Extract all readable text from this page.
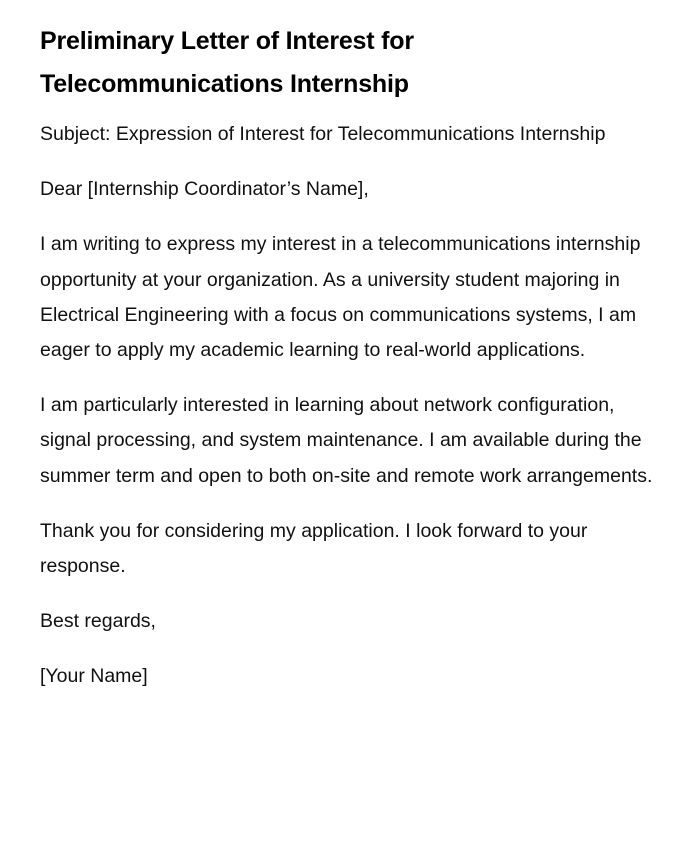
Preliminary Letter of Interest for Telecommunications Internship

Subject: Expression of Interest for Telecommunications Internship

Dear [Internship Coordinator’s Name],

I am writing to express my interest in a telecommunications internship opportunity at your organization. As a university student majoring in Electrical Engineering with a focus on communications systems, I am eager to apply my academic learning to real-world applications.

I am particularly interested in learning about network configuration, signal processing, and system maintenance. I am available during the summer term and open to both on-site and remote work arrangements.

Thank you for considering my application. I look forward to your response.

Best regards,

[Your Name]
